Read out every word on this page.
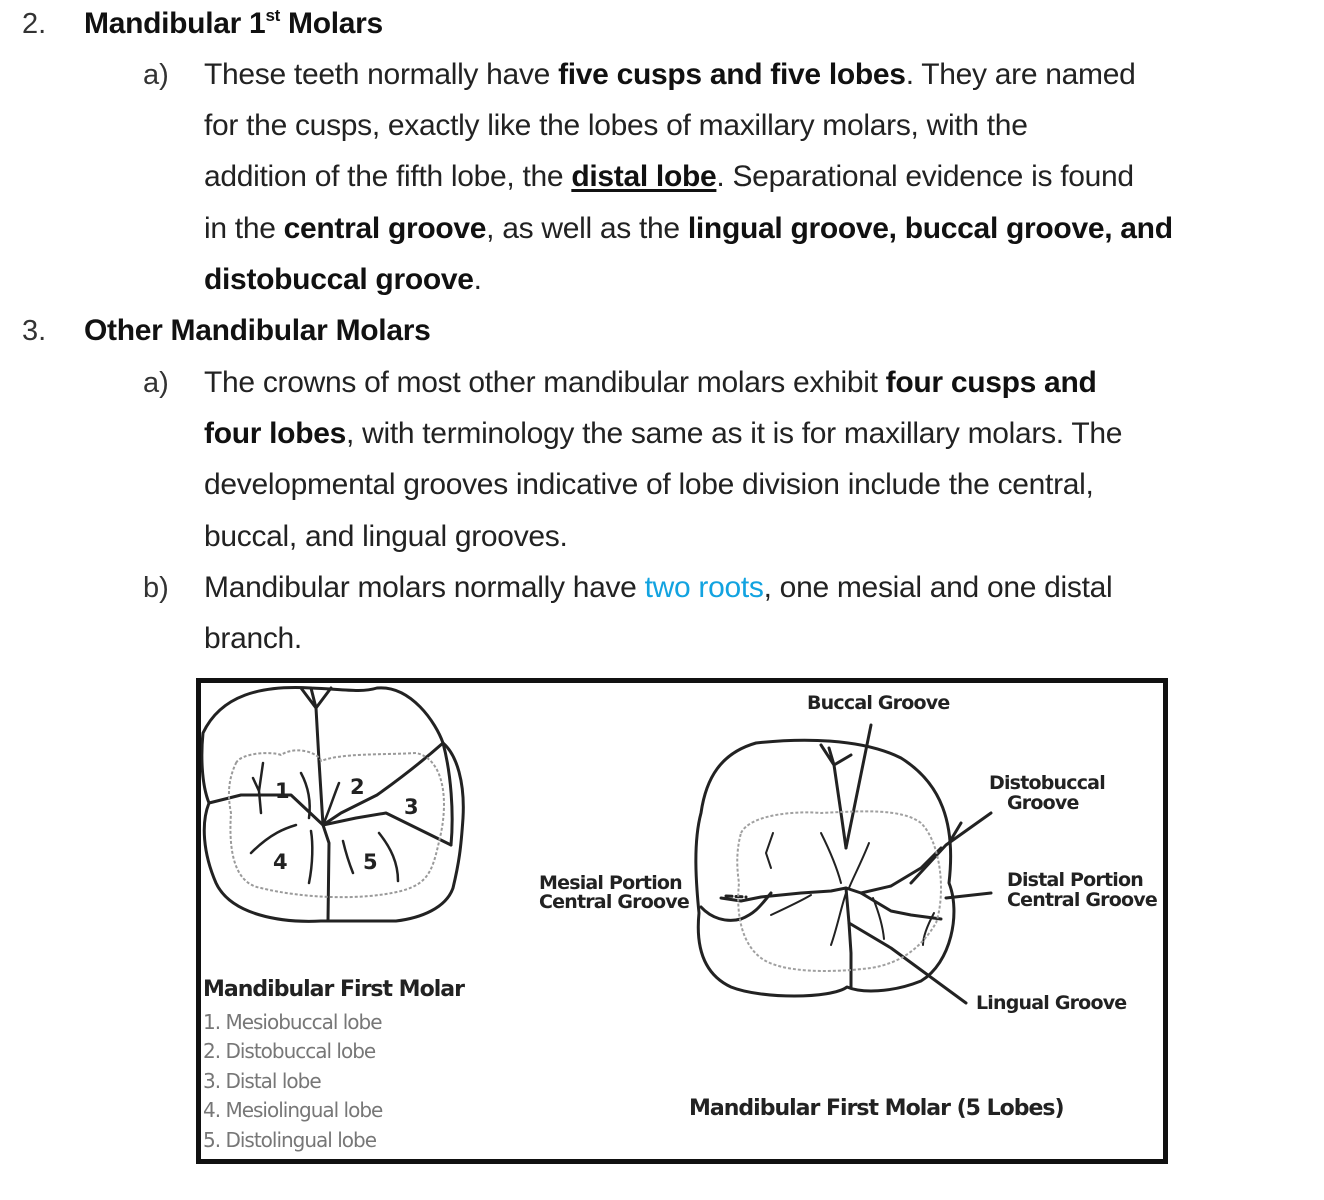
2. Mandibular 1st Molars
a) These teeth normally have five cusps and five lobes. They are named
for the cusps, exactly like the lobes of maxillary molars, with the
addition of the fifth lobe, the distal lobe. Separational evidence is found
in the central groove, as well as the lingual groove, buccal groove, and
distobuccal groove.
3. Other Mandibular Molars
a) The crowns of most other mandibular molars exhibit four cusps and
four lobes, with terminology the same as it is for maxillary molars. The
developmental grooves indicative of lobe division include the central,
buccal, and lingual grooves.
b) Mandibular molars normally have two roots, one mesial and one distal
branch.
1	2
3
4	5
Mandibular First Molar
1. Mesiobuccal lobe
2. Distobuccal lobe
3. Distal lobe
4. Mesiolingual lobe
5. Distolingual lobe
Buccal Groove
Distobuccal
Groove
Mesial Portion
Central Groove
Distal Portion
Central Groove
Lingual Groove
Mandibular First Molar (5 Lobes)
